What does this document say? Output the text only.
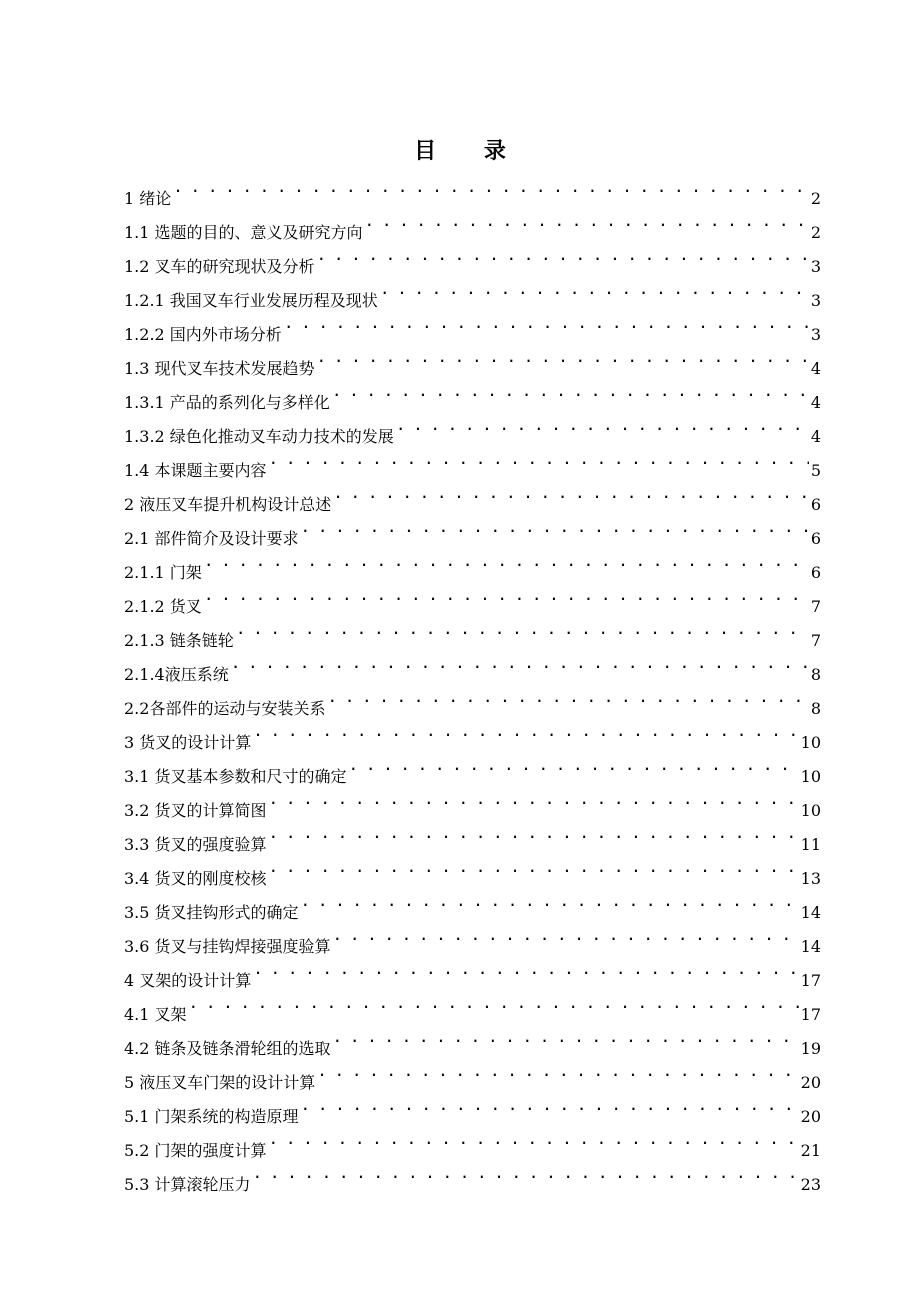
目 录
1 绪论 . . .	2
1.1 选题的目的、意义及研究方向 . . .	2
1.2 叉车的研究现状及分析 . . .	3
1.2.1 我国叉车行业发展历程及现状 . . .	3
1.2.2 国内外市场分析 . . .	3
1.3 现代叉车技术发展趋势 . . .	4
1.3.1 产品的系列化与多样化 . . .	4
1.3.2 绿色化推动叉车动力技术的发展 . . .	4
1.4 本课题主要内容 . . .	5
2 液压叉车提升机构设计总述 . . .	6
2.1 部件简介及设计要求 . . .	6
2.1.1 门架 . . .	6
2.1.2 货叉 . . .	7
2.1.3 链条链轮 . . .	7
2.1.4液压系统 . . .	8
2.2各部件的运动与安装关系 . . .	8
3 货叉的设计计算 . . .	10
3.1 货叉基本参数和尺寸的确定 . . .	10
3.2 货叉的计算简图 . . .	10
3.3 货叉的强度验算 . . .	11
3.4 货叉的刚度校核 . . .	13
3.5 货叉挂钩形式的确定 . . .	14
3.6 货叉与挂钩焊接强度验算 . . .	14
4 叉架的设计计算 . . .	17
4.1 叉架 . . .	17
4.2 链条及链条滑轮组的选取 . . .	19
5 液压叉车门架的设计计算 . . .	20
5.1 门架系统的构造原理 . . .	20
5.2 门架的强度计算 . . .	21
5.3 计算滚轮压力 . . .	23
